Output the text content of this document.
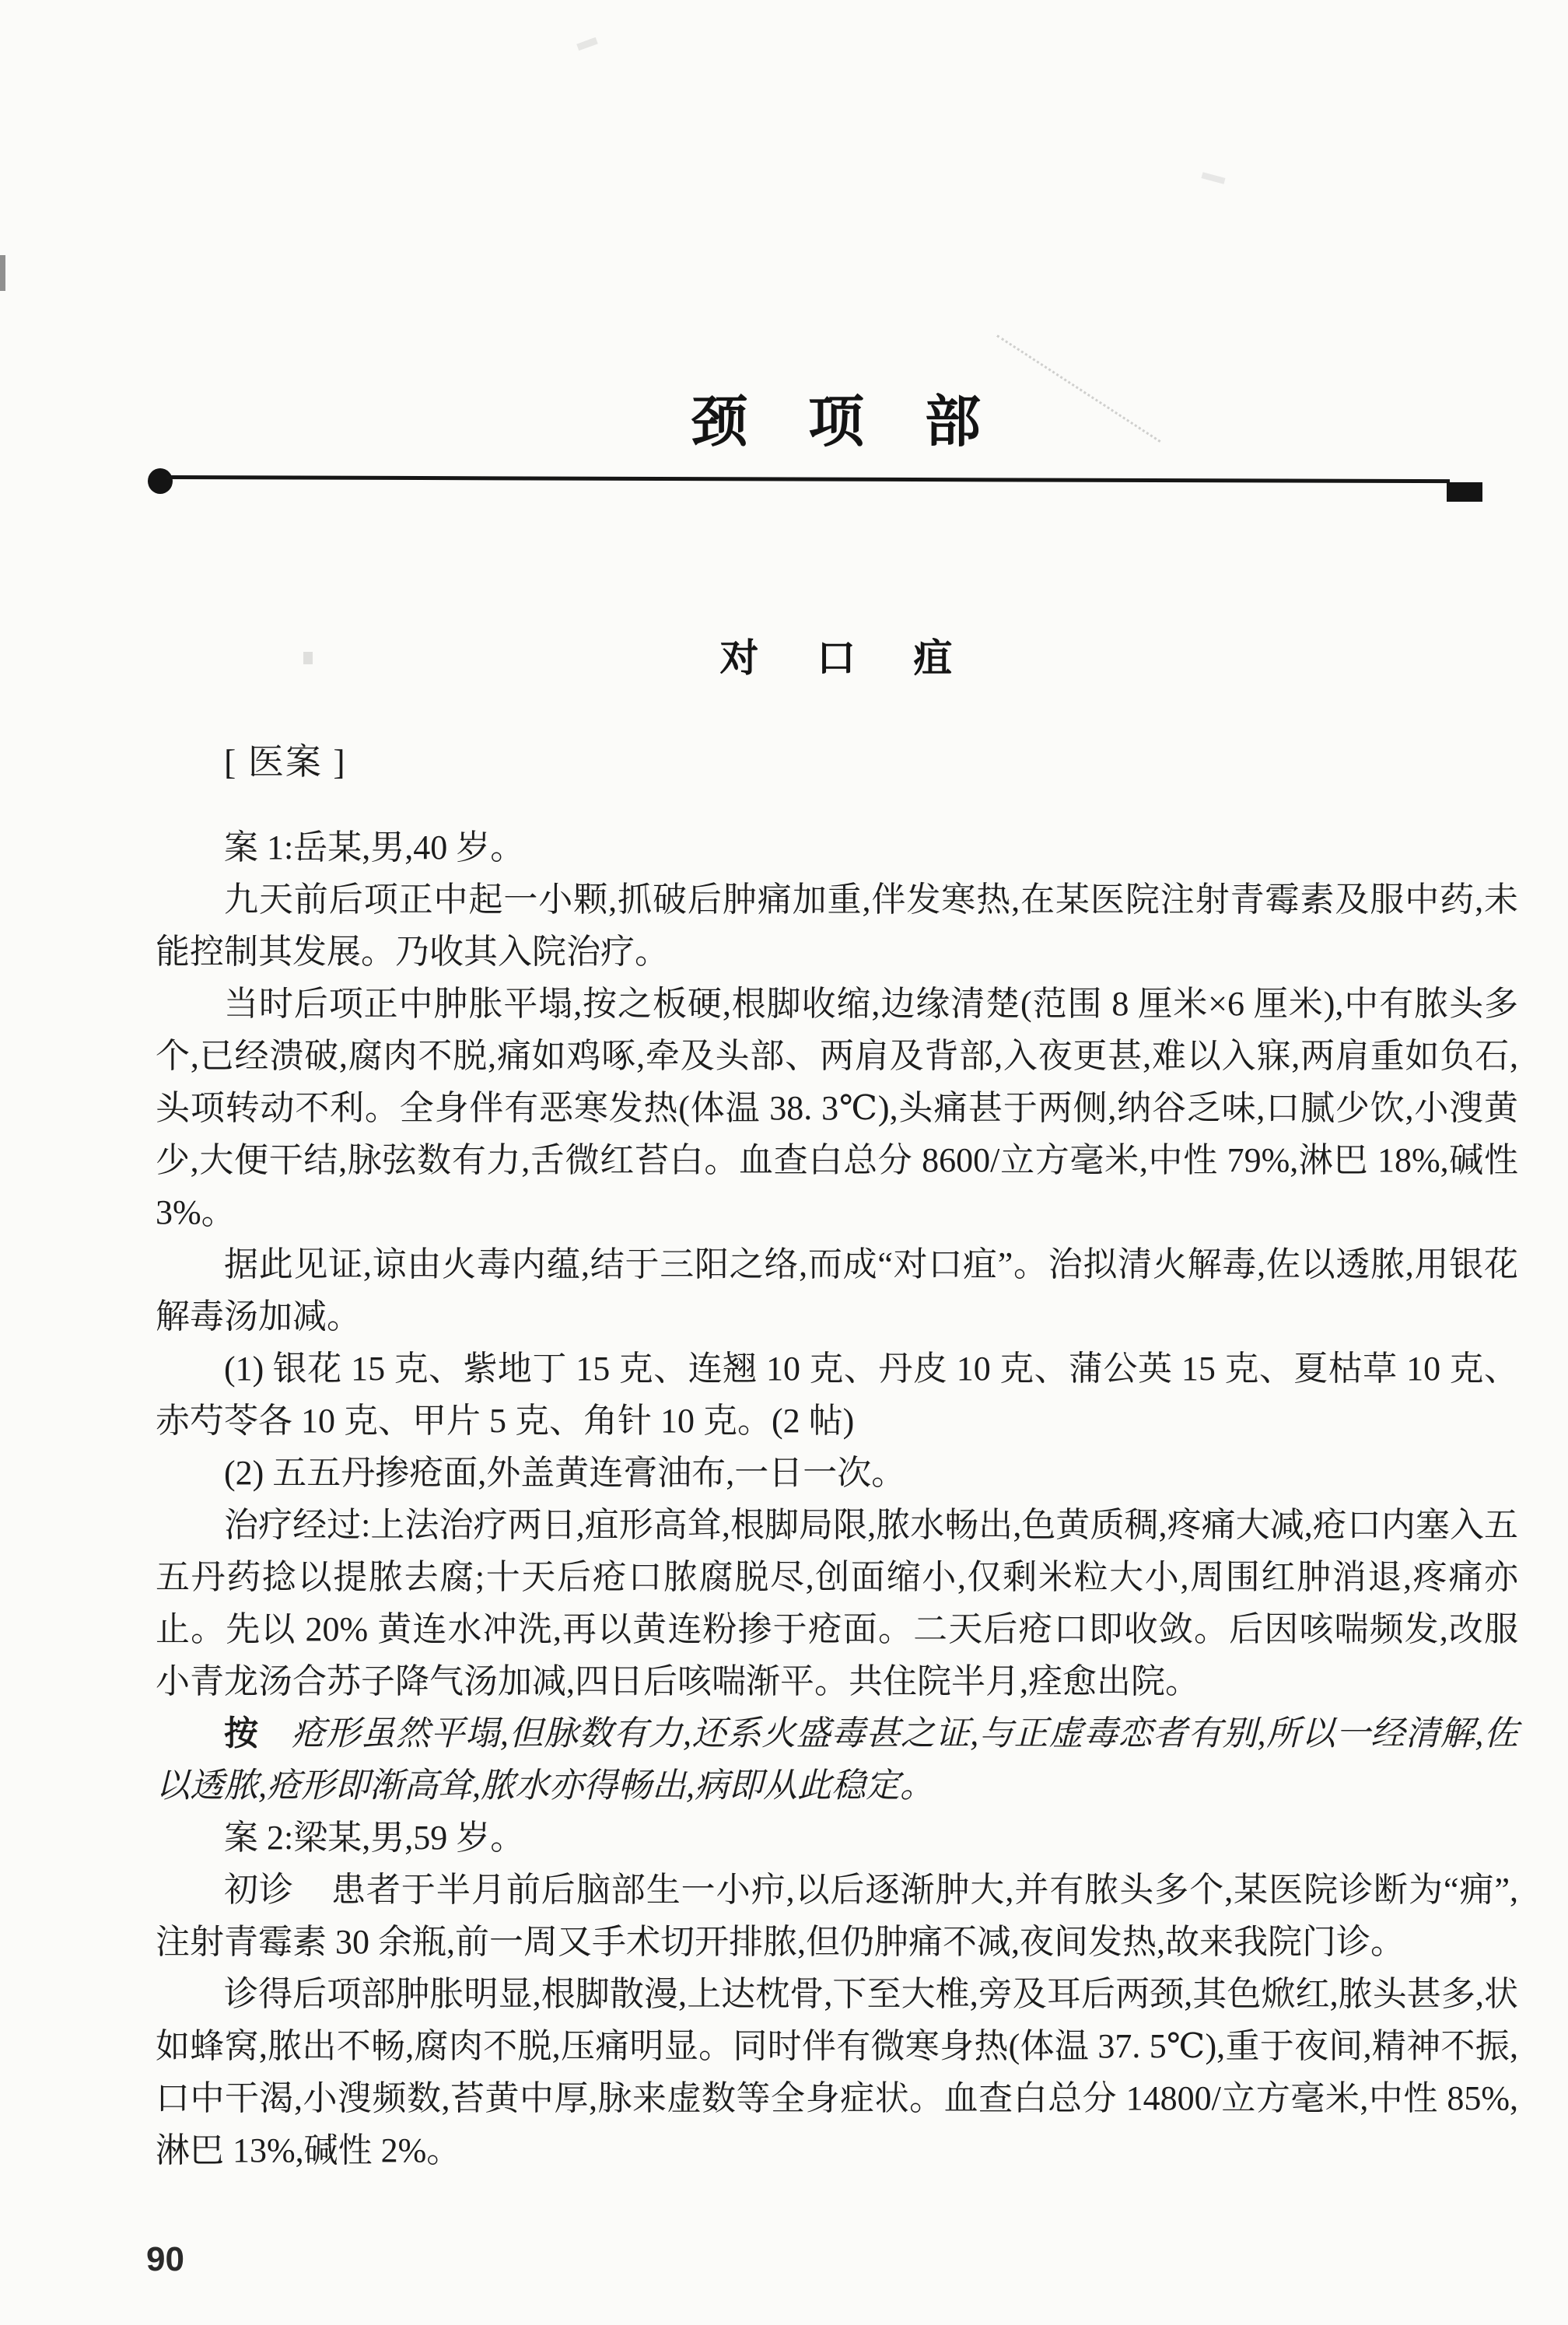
颈 项 部
对 口 疽
[ 医案 ]

案 1:岳某,男,40 岁。

九天前后项正中起一小颗,抓破后肿痛加重,伴发寒热,在某医院注射青霉素及服中药,未能控制其发展。乃收其入院治疗。

当时后项正中肿胀平塌,按之板硬,根脚收缩,边缘清楚(范围 8 厘米×6 厘米),中有脓头多个,已经溃破,腐肉不脱,痛如鸡啄,牵及头部、两肩及背部,入夜更甚,难以入寐,两肩重如负石,头项转动不利。全身伴有恶寒发热(体温 38. 3℃),头痛甚于两侧,纳谷乏味,口腻少饮,小溲黄少,大便干结,脉弦数有力,舌微红苔白。血查白总分 8600/立方毫米,中性 79%,淋巴 18%,碱性 3%。

据此见证,谅由火毒内蕴,结于三阳之络,而成“对口疽”。治拟清火解毒,佐以透脓,用银花解毒汤加减。

(1) 银花 15 克、紫地丁 15 克、连翘 10 克、丹皮 10 克、蒲公英 15 克、夏枯草 10 克、赤芍苓各 10 克、甲片 5 克、角针 10 克。(2 帖)

(2) 五五丹掺疮面,外盖黄连膏油布,一日一次。

治疗经过:上法治疗两日,疽形高耸,根脚局限,脓水畅出,色黄质稠,疼痛大减,疮口内塞入五五丹药捻以提脓去腐;十天后疮口脓腐脱尽,创面缩小,仅剩米粒大小,周围红肿消退,疼痛亦止。先以 20% 黄连水冲洗,再以黄连粉掺于疮面。二天后疮口即收敛。后因咳喘频发,改服小青龙汤合苏子降气汤加减,四日后咳喘渐平。共住院半月,痊愈出院。

按 疮形虽然平塌,但脉数有力,还系火盛毒甚之证,与正虚毒恋者有别,所以一经清解,佐以透脓,疮形即渐高耸,脓水亦得畅出,病即从此稳定。

案 2:梁某,男,59 岁。

初诊 患者于半月前后脑部生一小疖,以后逐渐肿大,并有脓头多个,某医院诊断为“痈”,注射青霉素 30 余瓶,前一周又手术切开排脓,但仍肿痛不减,夜间发热,故来我院门诊。

诊得后项部肿胀明显,根脚散漫,上达枕骨,下至大椎,旁及耳后两颈,其色焮红,脓头甚多,状如蜂窝,脓出不畅,腐肉不脱,压痛明显。同时伴有微寒身热(体温 37. 5℃),重于夜间,精神不振,口中干渴,小溲频数,苔黄中厚,脉来虚数等全身症状。血查白总分 14800/立方毫米,中性 85%,淋巴 13%,碱性 2%。

90
